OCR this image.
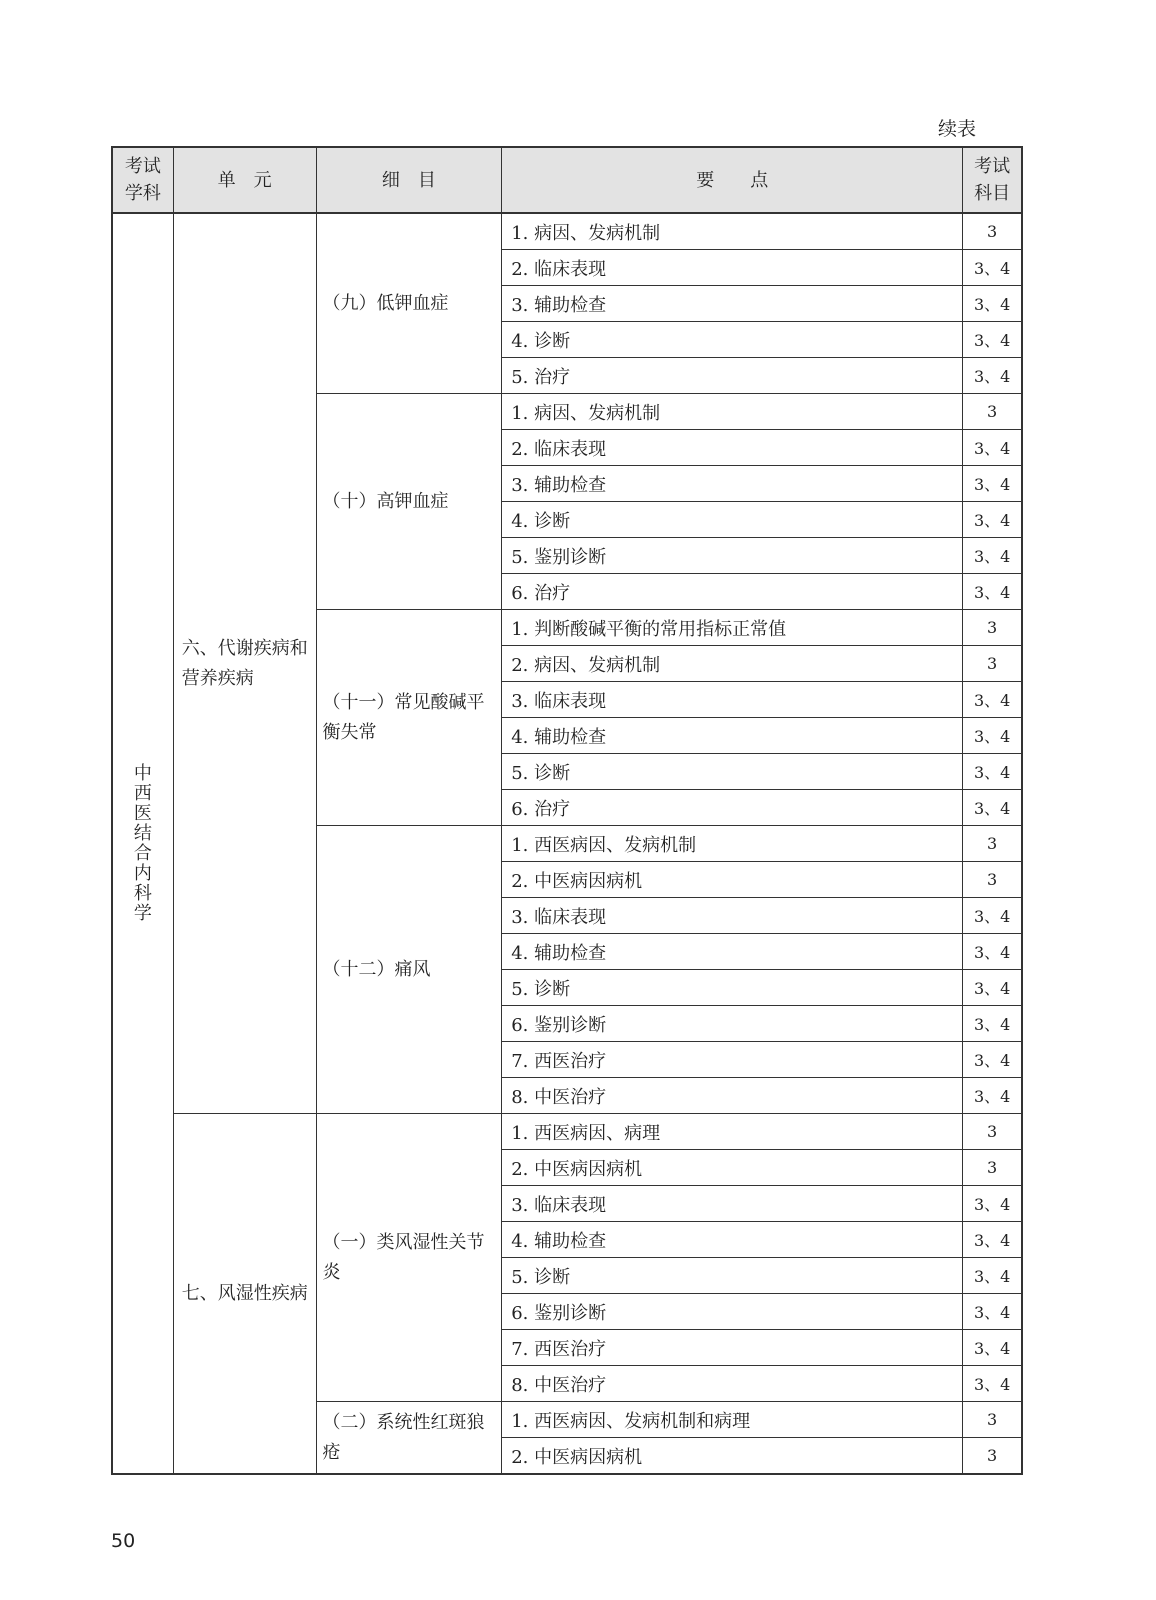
续表
考试学科	单　元	细　目	要　　点	考试科目
中西医结合内科学	六、代谢疾病和营养疾病	（九）低钾血症	1. 病因、发病机制	3
			2. 临床表现	3、4
			3. 辅助检查	3、4
			4. 诊断	3、4
			5. 治疗	3、4
		（十）高钾血症	1. 病因、发病机制	3
			2. 临床表现	3、4
			3. 辅助检查	3、4
			4. 诊断	3、4
			5. 鉴别诊断	3、4
			6. 治疗	3、4
		（十一）常见酸碱平衡失常	1. 判断酸碱平衡的常用指标正常值	3
			2. 病因、发病机制	3
			3. 临床表现	3、4
			4. 辅助检查	3、4
			5. 诊断	3、4
			6. 治疗	3、4
		（十二）痛风	1. 西医病因、发病机制	3
			2. 中医病因病机	3
			3. 临床表现	3、4
			4. 辅助检查	3、4
			5. 诊断	3、4
			6. 鉴别诊断	3、4
			7. 西医治疗	3、4
			8. 中医治疗	3、4
	七、风湿性疾病	（一）类风湿性关节炎	1. 西医病因、病理	3
			2. 中医病因病机	3
			3. 临床表现	3、4
			4. 辅助检查	3、4
			5. 诊断	3、4
			6. 鉴别诊断	3、4
			7. 西医治疗	3、4
			8. 中医治疗	3、4
		（二）系统性红斑狼疮	1. 西医病因、发病机制和病理	3
			2. 中医病因病机	3
50
